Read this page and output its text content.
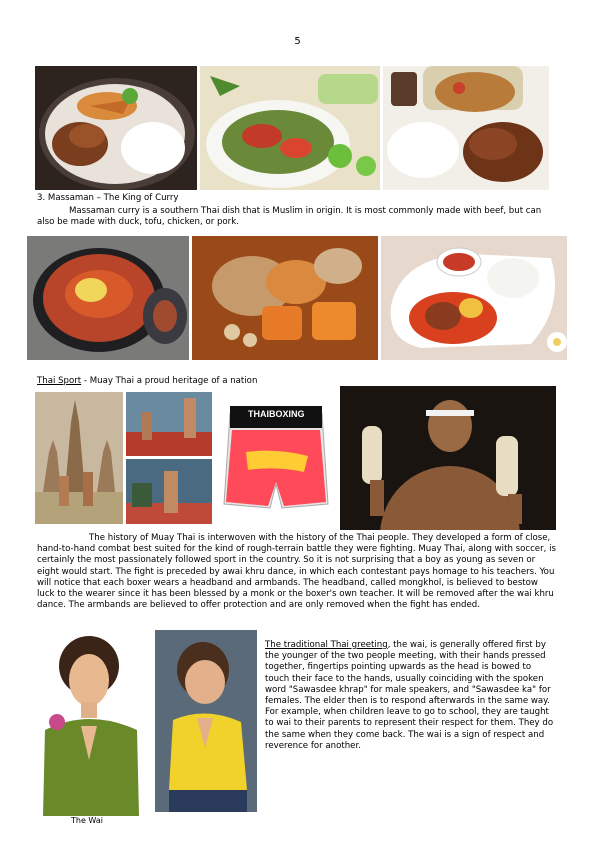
5
3. Massaman – The King of Curry
Massaman curry is a southern Thai dish that is Muslim in origin. It is most commonly made with beef, but can also be made with duck, tofu, chicken, or pork.
Thai Sport - Muay Thai a proud heritage of a nation
THAIBOXING
The history of Muay Thai is interwoven with the history of the Thai people. They developed a form of close, hand-to-hand combat best suited for the kind of rough-terrain battle they were fighting. Muay Thai, along with soccer, is certainly the most passionately followed sport in the country. So it is not surprising that a boy as young as seven or eight would start. The fight is preceded by awai khru dance, in which each contestant pays homage to his teachers. You will notice that each boxer wears a headband and armbands. The headband, called mongkhol, is believed to bestow luck to the wearer since it has been blessed by a monk or the boxer's own teacher. It will be removed after the wai khru dance. The armbands are believed to offer protection and are only removed when the fight has ended.
The Wai
The traditional Thai greeting, the wai, is generally offered first by the younger of the two people meeting, with their hands pressed together, fingertips pointing upwards as the head is bowed to touch their face to the hands, usually coinciding with the spoken word "Sawasdee khrap" for male speakers, and "Sawasdee ka" for females. The elder then is to respond afterwards in the same way. For example, when children leave to go to school, they are taught to wai to their parents to represent their respect for them. They do the same when they come back. The wai is a sign of respect and reverence for another.
